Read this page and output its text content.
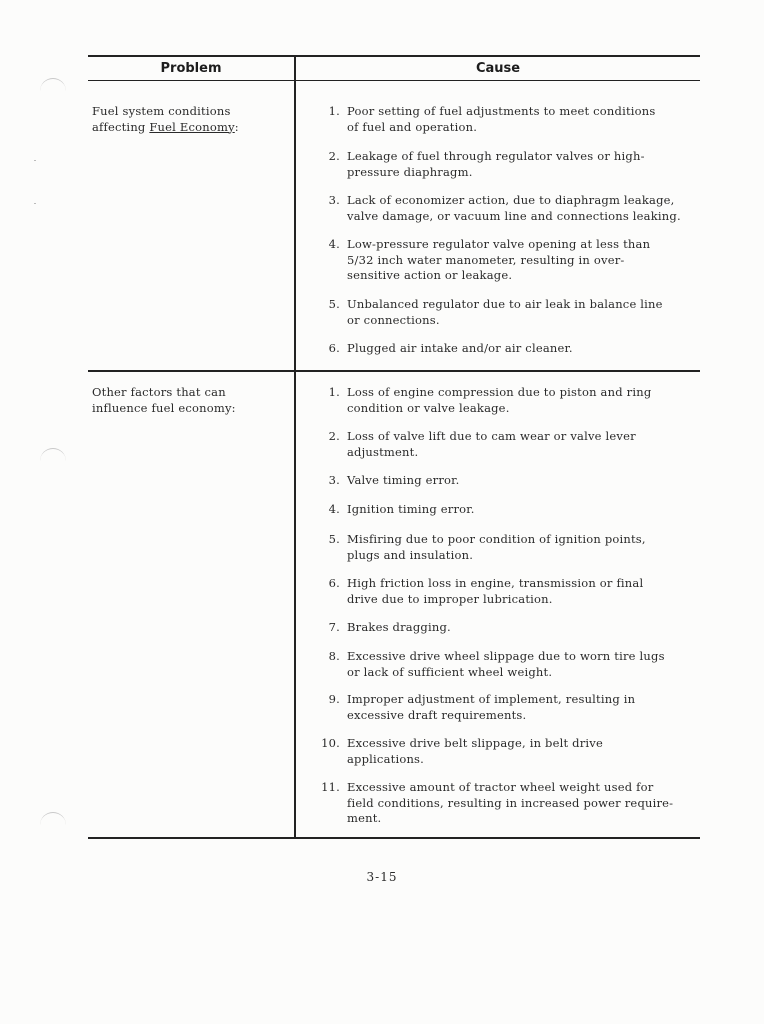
Problem	Cause
Fuel system conditions
affecting Fuel Economy:
1. Poor setting of fuel adjustments to meet conditions
of fuel and operation.
2. Leakage of fuel through regulator valves or high-
pressure diaphragm.
3. Lack of economizer action, due to diaphragm leakage,
valve damage, or vacuum line and connections leaking.
4. Low-pressure regulator valve opening at less than
5/32 inch water manometer, resulting in over-
sensitive action or leakage.
5. Unbalanced regulator due to air leak in balance line
or connections.
6. Plugged air intake and/or air cleaner.
Other factors that can
influence fuel economy:
1. Loss of engine compression due to piston and ring
condition or valve leakage.
2. Loss of valve lift due to cam wear or valve lever
adjustment.
3. Valve timing error.
4. Ignition timing error.
5. Misfiring due to poor condition of ignition points,
plugs and insulation.
6. High friction loss in engine, transmission or final
drive due to improper lubrication.
7. Brakes dragging.
8. Excessive drive wheel slippage due to worn tire lugs
or lack of sufficient wheel weight.
9. Improper adjustment of implement, resulting in
excessive draft requirements.
10. Excessive drive belt slippage, in belt drive
applications.
11. Excessive amount of tractor wheel weight used for
field conditions, resulting in increased power require-
ment.
3-15
